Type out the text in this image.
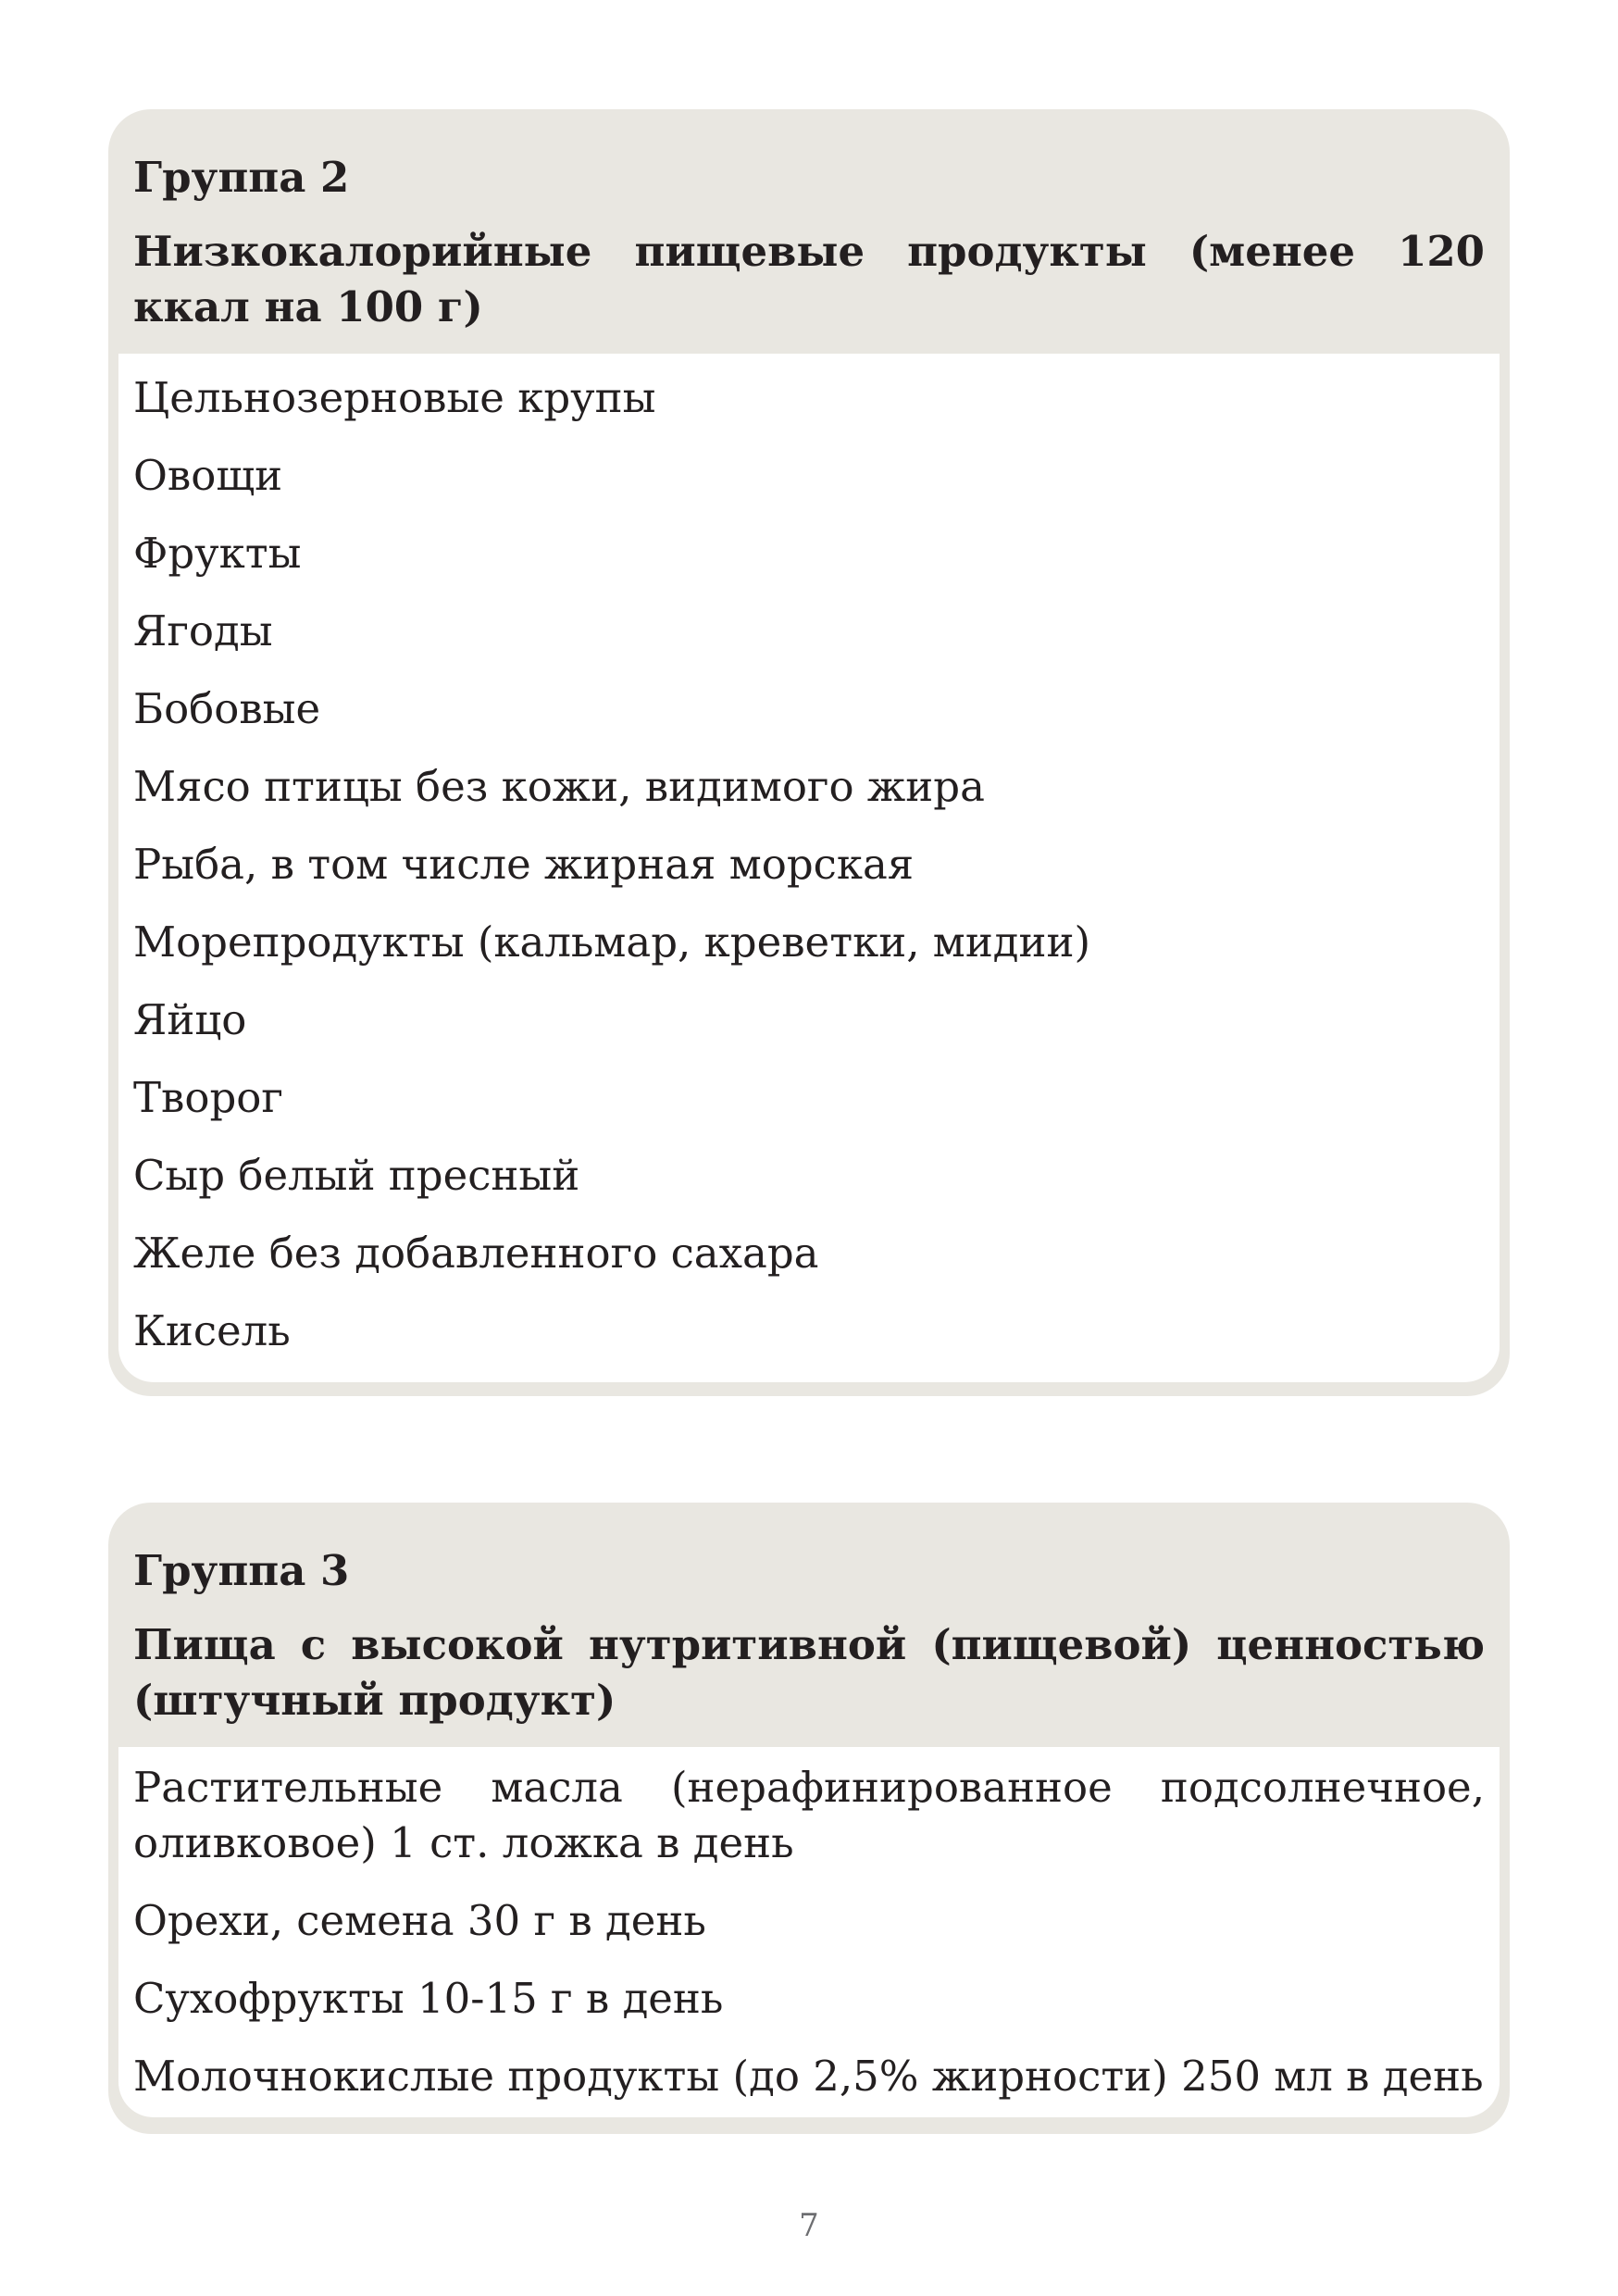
Группа 2

Низкокалорийные пищевые продукты (менее 120 ккал на 100 г)

Цельнозерновые крупы

Овощи

Фрукты

Ягоды

Бобовые

Мясо птицы без кожи, видимого жира

Рыба, в том числе жирная морская

Морепродукты (кальмар, креветки, мидии)

Яйцо

Творог

Сыр белый пресный

Желе без добавленного сахара

Кисель

Группа 3

Пища с высокой нутритивной (пищевой) ценностью (штучный продукт)

Растительные масла (нерафинированное подсолнечное, оливковое) 1 ст. ложка в день

Орехи, семена 30 г в день

Сухофрукты 10-15 г в день

Молочнокислые продукты (до 2,5% жирности) 250 мл в день

7
